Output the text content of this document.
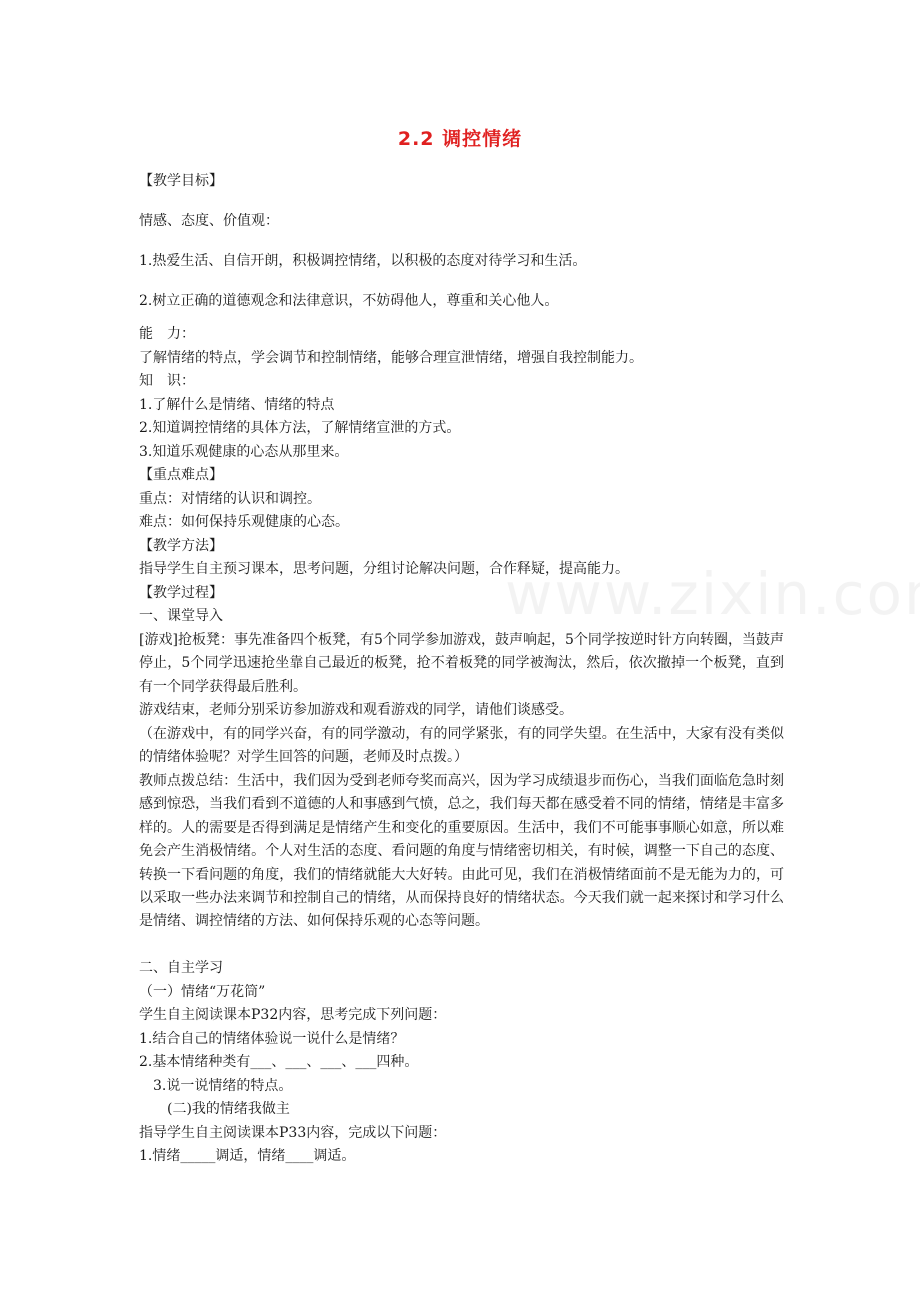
2.2 调控情绪
【教学目标】
情感、态度、价值观：
1.热爱生活、自信开朗，积极调控情绪，以积极的态度对待学习和生活。
2.树立正确的道德观念和法律意识，不妨碍他人，尊重和关心他人。
能　力：
了解情绪的特点，学会调节和控制情绪，能够合理宣泄情绪，增强自我控制能力。
知　识：
1.了解什么是情绪、情绪的特点
2.知道调控情绪的具体方法，了解情绪宣泄的方式。
3.知道乐观健康的心态从那里来。
【重点难点】
重点：对情绪的认识和调控。
难点：如何保持乐观健康的心态。
【教学方法】
指导学生自主预习课本，思考问题，分组讨论解决问题，合作释疑，提高能力。
【教学过程】
一、课堂导入
[游戏]抢板凳：事先准备四个板凳，有5个同学参加游戏，鼓声响起，5个同学按逆时针方向转圈，当鼓声停止，5个同学迅速抢坐靠自己最近的板凳，抢不着板凳的同学被淘汰，然后，依次撤掉一个板凳，直到有一个同学获得最后胜利。
游戏结束，老师分别采访参加游戏和观看游戏的同学，请他们谈感受。
（在游戏中，有的同学兴奋，有的同学激动，有的同学紧张，有的同学失望。在生活中，大家有没有类似的情绪体验呢？对学生回答的问题，老师及时点拨。）
教师点拨总结：生活中，我们因为受到老师夸奖而高兴，因为学习成绩退步而伤心，当我们面临危急时刻感到惊恐，当我们看到不道德的人和事感到气愤，总之，我们每天都在感受着不同的情绪，情绪是丰富多样的。人的需要是否得到满足是情绪产生和变化的重要原因。生活中，我们不可能事事顺心如意，所以难免会产生消极情绪。个人对生活的态度、看问题的角度与情绪密切相关，有时候，调整一下自己的态度、转换一下看问题的角度，我们的情绪就能大大好转。由此可见，我们在消极情绪面前不是无能为力的，可以采取一些办法来调节和控制自己的情绪，从而保持良好的情绪状态。今天我们就一起来探讨和学习什么是情绪、调控情绪的方法、如何保持乐观的心态等问题。
二、自主学习
（一）情绪“万花筒”
学生自主阅读课本P32内容，思考完成下列问题：
1.结合自己的情绪体验说一说什么是情绪？
2.基本情绪种类有___、___、___、___四种。
3.说一说情绪的特点。
(二)我的情绪我做主
指导学生自主阅读课本P33内容，完成以下问题：
1.情绪_____调适，情绪____调适。
